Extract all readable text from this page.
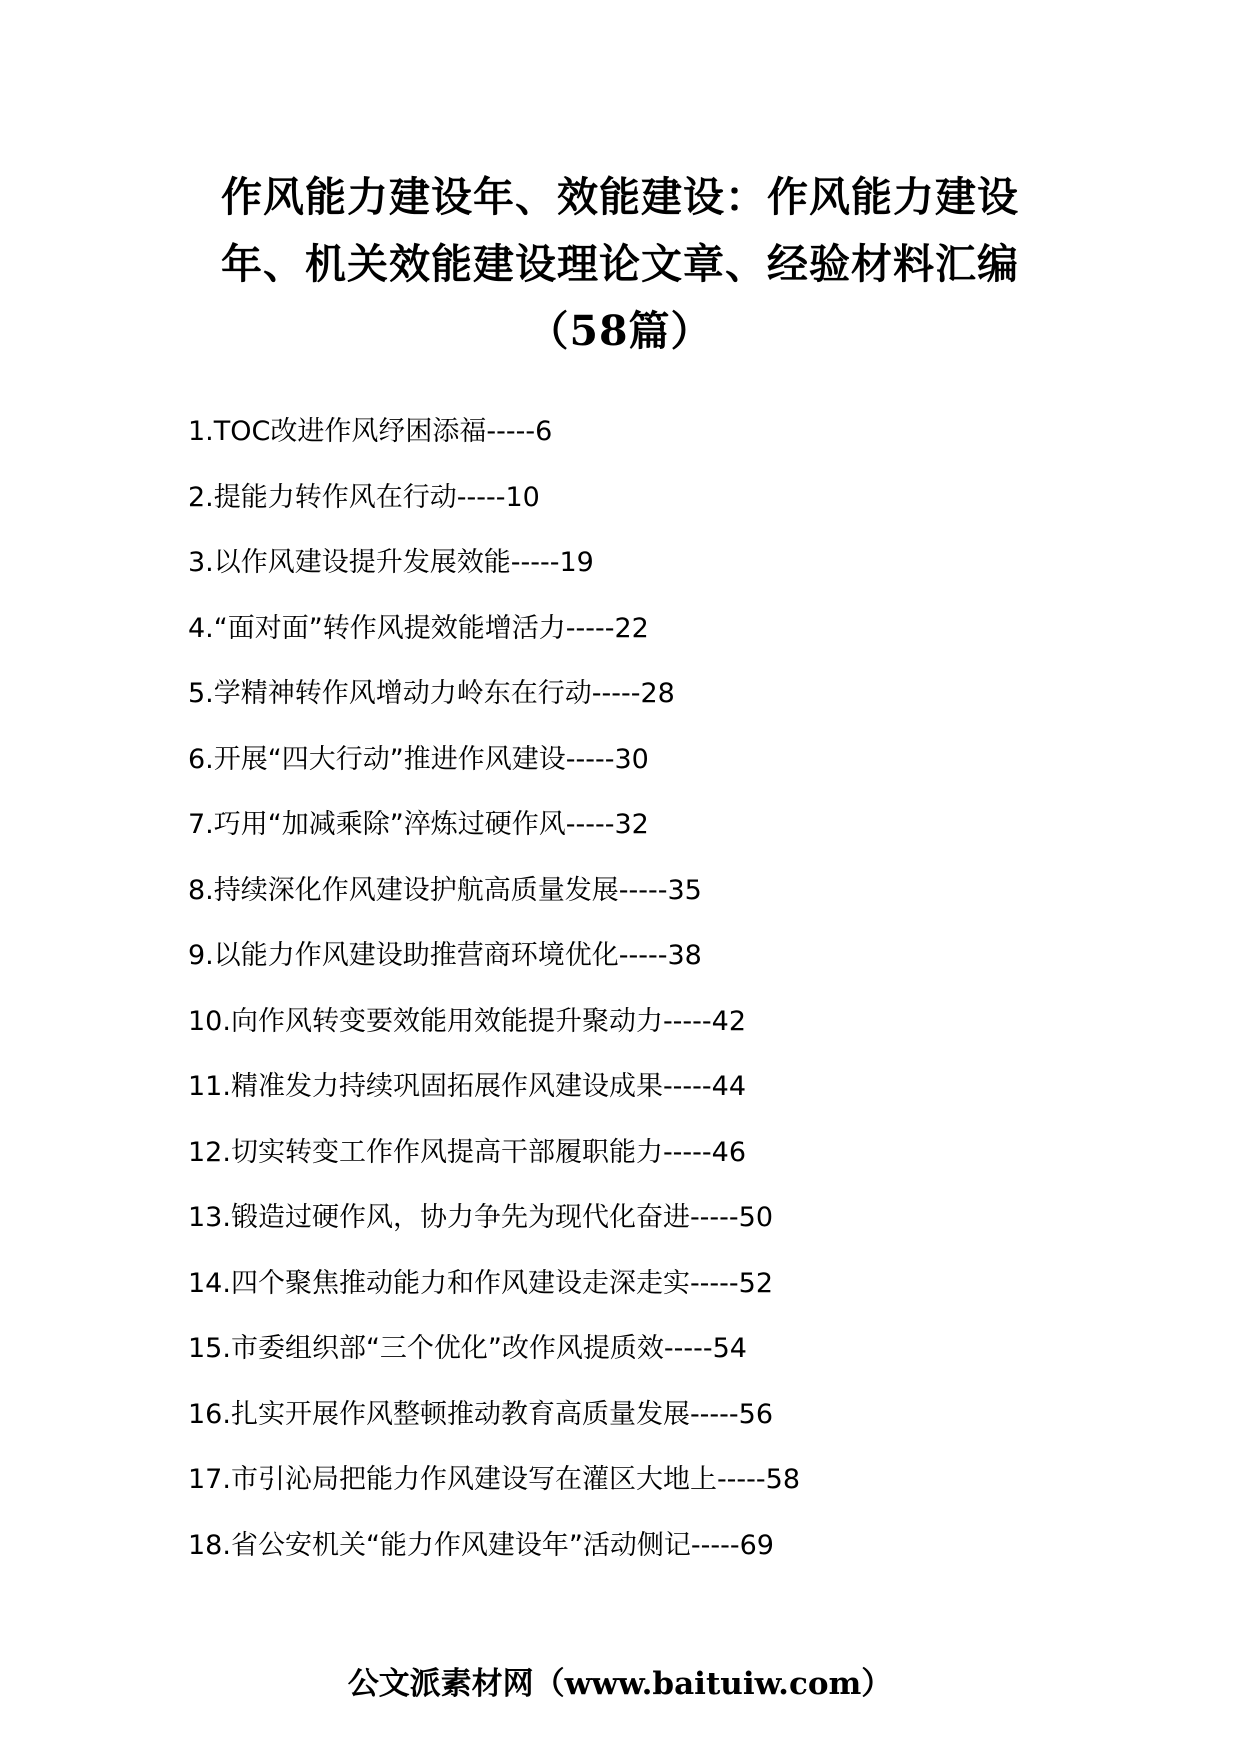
作风能力建设年、效能建设：作风能力建设
年、机关效能建设理论文章、经验材料汇编
（58篇）
1.TOC改进作风纾困添福-----6
2.提能力转作风在行动-----10
3.以作风建设提升发展效能-----19
4.“面对面”转作风提效能增活力-----22
5.学精神转作风增动力岭东在行动-----28
6.开展“四大行动”推进作风建设-----30
7.巧用“加减乘除”淬炼过硬作风-----32
8.持续深化作风建设护航高质量发展-----35
9.以能力作风建设助推营商环境优化-----38
10.向作风转变要效能用效能提升聚动力-----42
11.精准发力持续巩固拓展作风建设成果-----44
12.切实转变工作作风提高干部履职能力-----46
13.锻造过硬作风，协力争先为现代化奋进-----50
14.四个聚焦推动能力和作风建设走深走实-----52
15.市委组织部“三个优化”改作风提质效-----54
16.扎实开展作风整顿推动教育高质量发展-----56
17.市引沁局把能力作风建设写在灌区大地上-----58
18.省公安机关“能力作风建设年”活动侧记-----69
公文派素材网（www.baituiw.com）
